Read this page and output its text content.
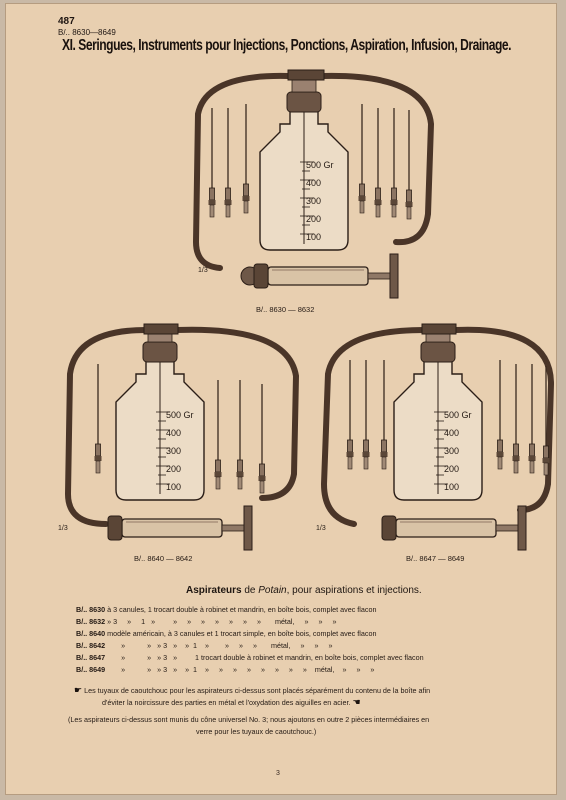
487
B/.. 8630—8649
XI. Seringues, Instruments pour Injections, Ponctions, Aspiration, Infusion, Drainage.
500 Gr
400
300
200
100
500 Gr
400
300
200
100
500 Gr
400
300
200
100
1/3
1/3	1/3
B/.. 8630 — 8632
B/.. 8640 — 8642	B/.. 8647 — 8649
Aspirateurs de Potain, pour aspirations et injections.
B/.. 8630 à 3 canules, 1 trocart double à robinet et mandrin, en boîte bois, complet avec flacon
B/.. 8632 » 3     »     1   »         »     »     »     »     »     »     »       métal,     »     »     »
B/.. 8640 modèle américain, à 3 canules et 1 trocart simple, en boîte bois, complet avec flacon
B/.. 8642        »           »   » 3   »    »  1    »        »     »     »       métal,     »     »     »
B/.. 8647        »           »   » 3   »         1 trocart double à robinet et mandrin, en boîte bois, complet avec flacon
B/.. 8649        »           »   » 3   »    »  1    »     »     »     »     »     »     »     »    métal,    »     »     »
☛ Les tuyaux de caoutchouc pour les aspirateurs ci-dessus sont placés séparément du contenu de la boîte afin
d'éviter la noircissure des parties en métal et l'oxydation des aiguilles en acier. ☚
(Les aspirateurs ci-dessus sont munis du cône universel No. 3; nous ajoutons en outre 2 pièces intermédiaires en
verre pour les tuyaux de caoutchouc.)
3
